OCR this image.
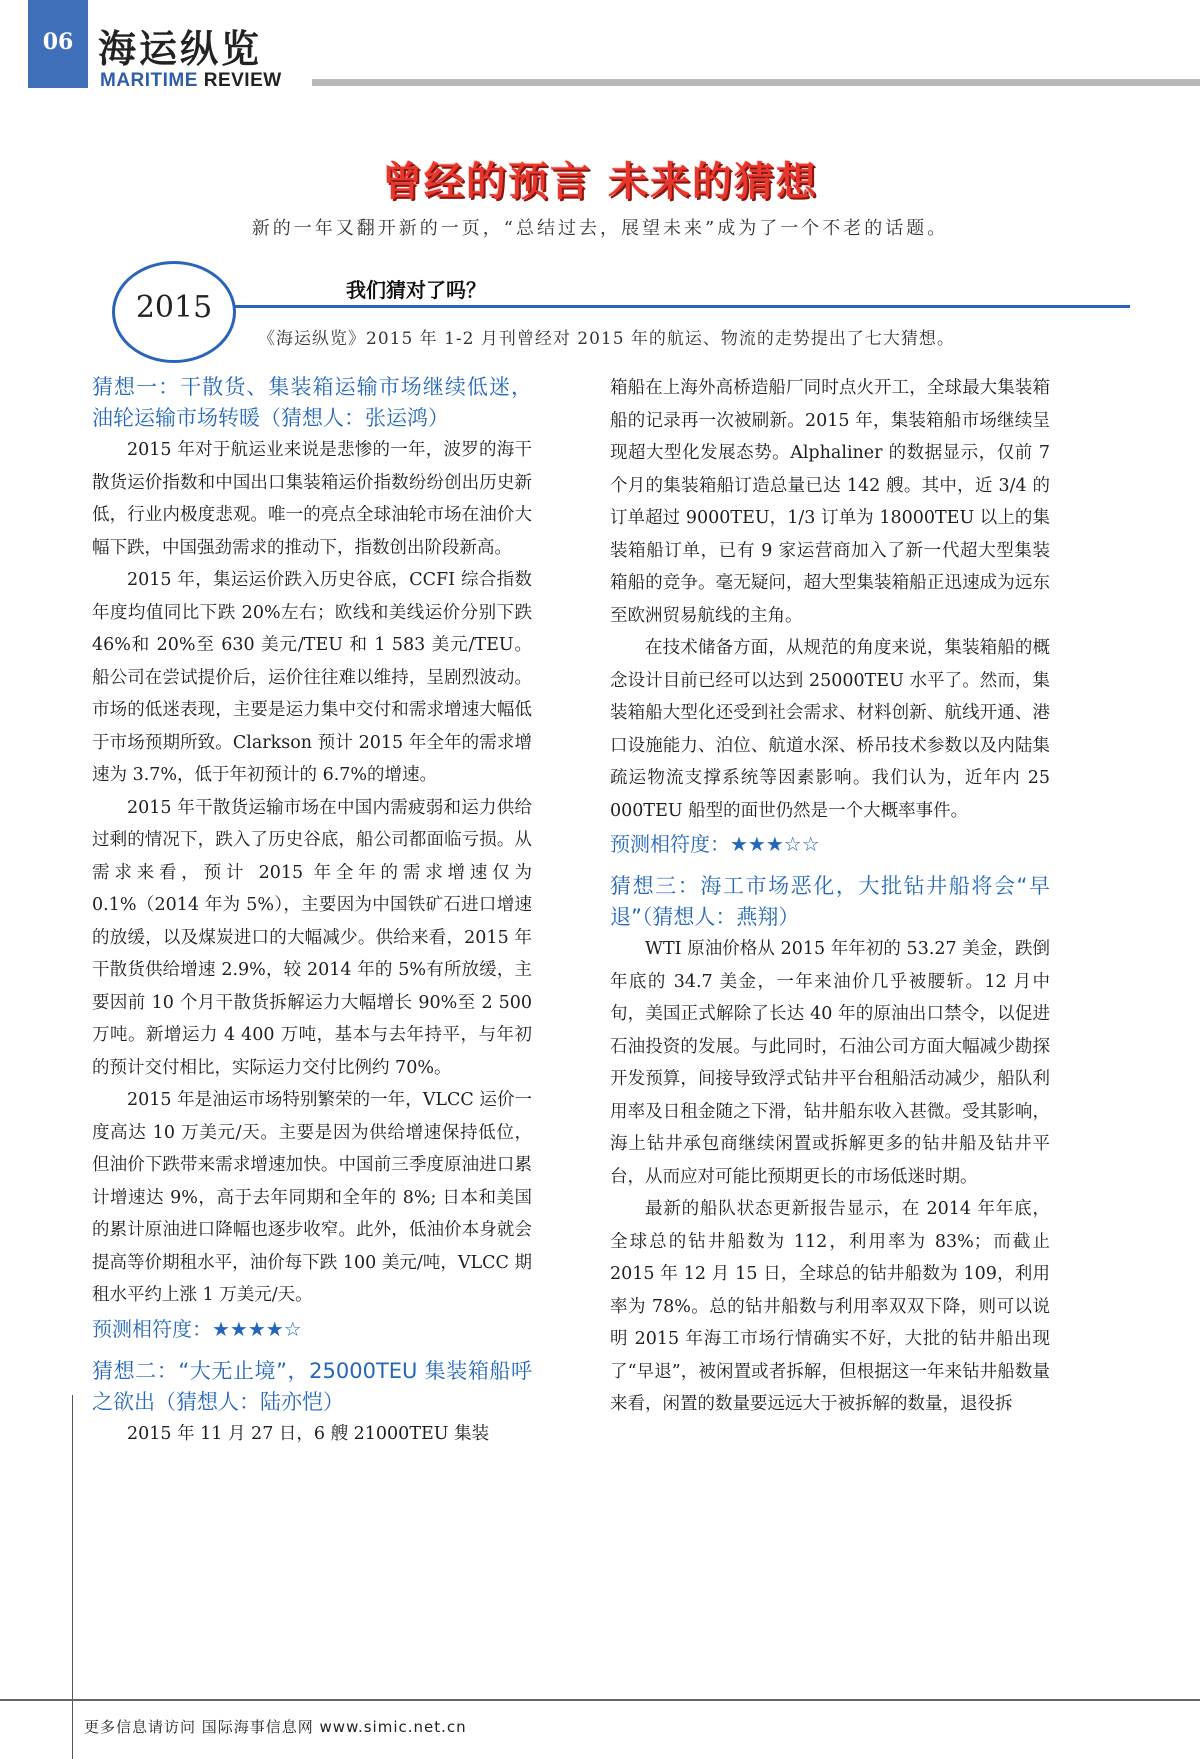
06 海运纵览
MARITIME REVIEW
曾经的预言 未来的猜想
新的一年又翻开新的一页，“总结过去，展望未来”成为了一个不老的话题。
2015	我们猜对了吗？
《海运纵览》2015 年 1-2 月刊曾经对 2015 年的航运、物流的走势提出了七大猜想。
猜想一：干散货、集装箱运输市场继续低迷，油轮运输市场转暖（猜想人：张运鸿）

2015 年对于航运业来说是悲惨的一年，波罗的海干散货运价指数和中国出口集装箱运价指数纷纷创出历史新低，行业内极度悲观。唯一的亮点全球油轮市场在油价大幅下跌，中国强劲需求的推动下，指数创出阶段新高。

2015 年，集运运价跌入历史谷底，CCFI 综合指数年度均值同比下跌 20%左右；欧线和美线运价分别下跌 46%和 20%至 630 美元/TEU 和 1 583 美元/TEU。船公司在尝试提价后，运价往往难以维持，呈剧烈波动。市场的低迷表现，主要是运力集中交付和需求增速大幅低于市场预期所致。Clarkson 预计 2015 年全年的需求增速为 3.7%，低于年初预计的 6.7%的增速。

2015 年干散货运输市场在中国内需疲弱和运力供给过剩的情况下，跌入了历史谷底，船公司都面临亏损。从需求来看，预计 2015 年全年的需求增速仅为 0.1%（2014 年为 5%），主要因为中国铁矿石进口增速的放缓，以及煤炭进口的大幅减少。供给来看，2015 年干散货供给增速 2.9%，较 2014 年的 5%有所放缓，主要因前 10 个月干散货拆解运力大幅增长 90%至 2 500 万吨。新增运力 4 400 万吨，基本与去年持平，与年初的预计交付相比，实际运力交付比例约 70%。

2015 年是油运市场特别繁荣的一年，VLCC 运价一度高达 10 万美元/天。主要是因为供给增速保持低位，但油价下跌带来需求增速加快。中国前三季度原油进口累计增速达 9%，高于去年同期和全年的 8%; 日本和美国的累计原油进口降幅也逐步收窄。此外，低油价本身就会提高等价期租水平，油价每下跌 100 美元/吨，VLCC 期租水平约上涨 1 万美元/天。

预测相符度：★★★★☆
猜想二：“大无止境”，25000TEU 集装箱船呼之欲出（猜想人：陆亦恺）

2015 年 11 月 27 日，6 艘 21000TEU 集装

箱船在上海外高桥造船厂同时点火开工，全球最大集装箱船的记录再一次被刷新。2015 年，集装箱船市场继续呈现超大型化发展态势。Alphaliner 的数据显示，仅前 7 个月的集装箱船订造总量已达 142 艘。其中，近 3/4 的订单超过 9000TEU，1/3 订单为 18000TEU 以上的集装箱船订单，已有 9 家运营商加入了新一代超大型集装箱船的竞争。毫无疑问，超大型集装箱船正迅速成为远东至欧洲贸易航线的主角。

在技术储备方面，从规范的角度来说，集装箱船的概念设计目前已经可以达到 25000TEU 水平了。然而，集装箱船大型化还受到社会需求、材料创新、航线开通、港口设施能力、泊位、航道水深、桥吊技术参数以及内陆集疏运物流支撑系统等因素影响。我们认为，近年内 25 000TEU 船型的面世仍然是一个大概率事件。

预测相符度：★★★☆☆
猜想三：海工市场恶化，大批钻井船将会“早退”（猜想人：燕翔）

WTI 原油价格从 2015 年年初的 53.27 美金，跌倒年底的 34.7 美金，一年来油价几乎被腰斩。12 月中旬，美国正式解除了长达 40 年的原油出口禁令，以促进石油投资的发展。与此同时，石油公司方面大幅减少勘探开发预算，间接导致浮式钻井平台租船活动减少，船队利用率及日租金随之下滑，钻井船东收入甚微。受其影响，海上钻井承包商继续闲置或拆解更多的钻井船及钻井平台，从而应对可能比预期更长的市场低迷时期。

最新的船队状态更新报告显示，在 2014 年年底，全球总的钻井船数为 112，利用率为 83%；而截止 2015 年 12 月 15 日，全球总的钻井船数为 109，利用率为 78%。总的钻井船数与利用率双双下降，则可以说明 2015 年海工市场行情确实不好，大批的钻井船出现了“早退”，被闲置或者拆解，但根据这一年来钻井船数量来看，闲置的数量要远远大于被拆解的数量，退役拆

更多信息请访问 国际海事信息网 www.simic.net.cn
